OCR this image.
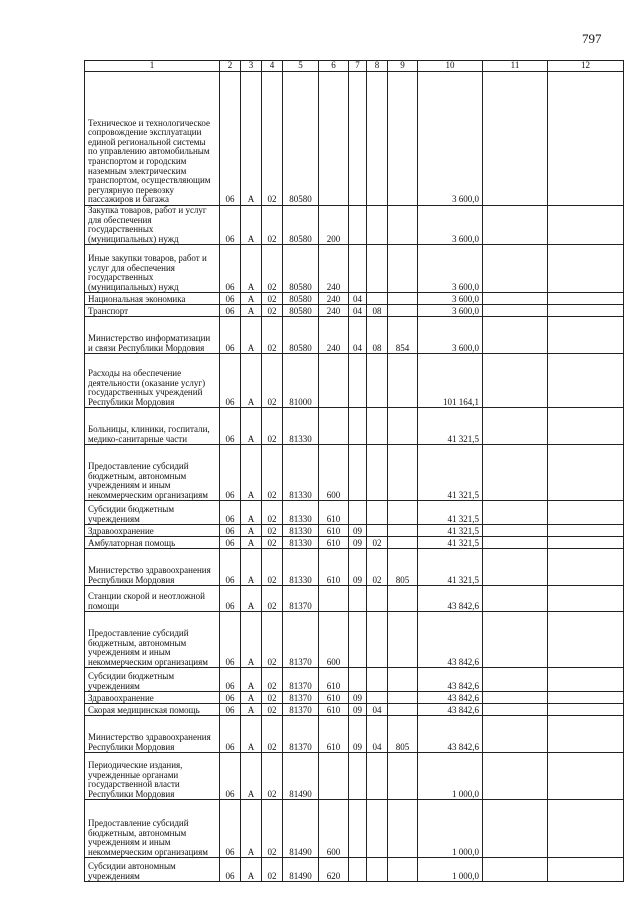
797
1	2	3	4	5	6	7	8	9	10	11	12
Техническое и технологическое сопровождение эксплуатации единой региональной системы по управлению автомобильным транспортом и городским наземным электрическим транспортом, осуществляющим регулярную перевозку пассажиров и багажа	06	А	02	80580					3 600,0		
Закупка товаров, работ и услуг для обеспечения государственных (муниципальных) нужд	06	А	02	80580	200				3 600,0		
Иные закупки товаров, работ и услуг для обеспечения государственных (муниципальных) нужд	06	А	02	80580	240				3 600,0		
Национальная экономика	06	А	02	80580	240	04			3 600,0		
Транспорт	06	А	02	80580	240	04	08		3 600,0		
Министерство информатизации и связи Республики Мордовия	06	А	02	80580	240	04	08	854	3 600,0		
Расходы на обеспечение деятельности (оказание услуг) государственных учреждений Республики Мордовия	06	А	02	81000					101 164,1		
Больницы, клиники, госпитали, медико-санитарные части	06	А	02	81330					41 321,5		
Предоставление субсидий бюджетным, автономным учреждениям и иным некоммерческим организациям	06	А	02	81330	600				41 321,5		
Субсидии бюджетным учреждениям	06	А	02	81330	610				41 321,5		
Здравоохранение	06	А	02	81330	610	09			41 321,5		
Амбулаторная помощь	06	А	02	81330	610	09	02		41 321,5		
Министерство здравоохранения Республики Мордовия	06	А	02	81330	610	09	02	805	41 321,5		
Станции скорой и неотложной помощи	06	А	02	81370					43 842,6		
Предоставление субсидий бюджетным, автономным учреждениям и иным некоммерческим организациям	06	А	02	81370	600				43 842,6		
Субсидии бюджетным учреждениям	06	А	02	81370	610				43 842,6		
Здравоохранение	06	А	02	81370	610	09			43 842,6		
Скорая медицинская помощь	06	А	02	81370	610	09	04		43 842,6		
Министерство здравоохранения Республики Мордовия	06	А	02	81370	610	09	04	805	43 842,6		
Периодические издания, учрежденные органами государственной власти Республики Мордовия	06	А	02	81490					1 000,0		
Предоставление субсидий бюджетным, автономным учреждениям и иным некоммерческим организациям	06	А	02	81490	600				1 000,0		
Субсидии автономным учреждениям	06	А	02	81490	620				1 000,0		
